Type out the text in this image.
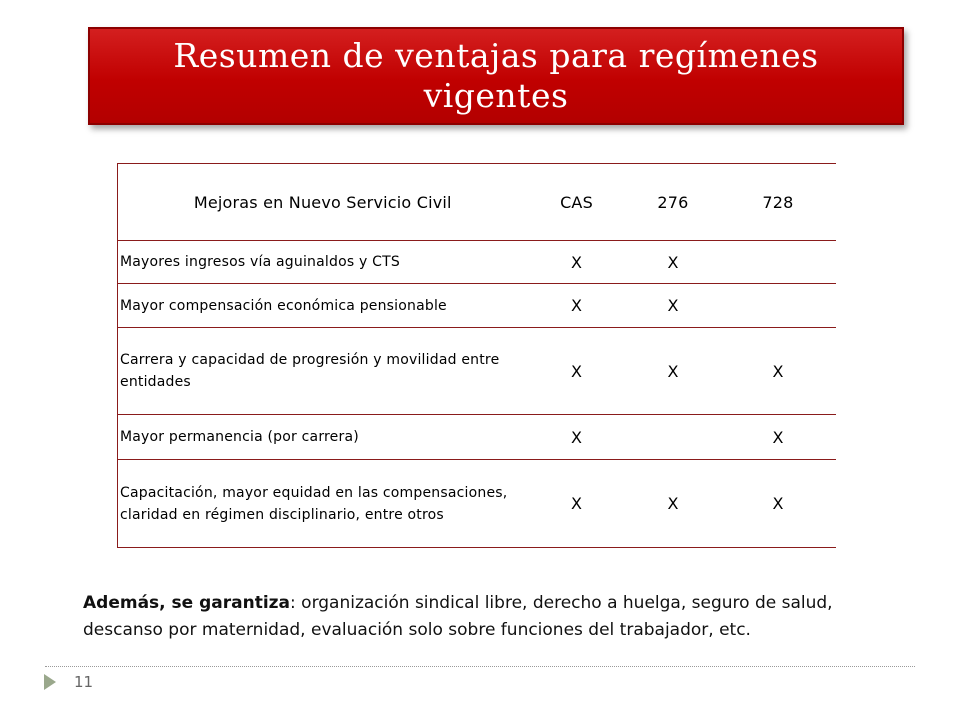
Resumen de ventajas para regímenes vigentes
Mejoras en Nuevo Servicio Civil	CAS	276	728
Mayores ingresos vía aguinaldos y CTS	X	X	
Mayor compensación económica pensionable	X	X	
Carrera y capacidad de progresión y movilidad entre entidades	X	X	X
Mayor permanencia (por carrera)	X		X
Capacitación, mayor equidad en las compensaciones, claridad en régimen disciplinario, entre otros	X	X	X
Además, se garantiza: organización sindical libre, derecho a huelga, seguro de salud, descanso por maternidad, evaluación solo sobre funciones del trabajador, etc.
11
